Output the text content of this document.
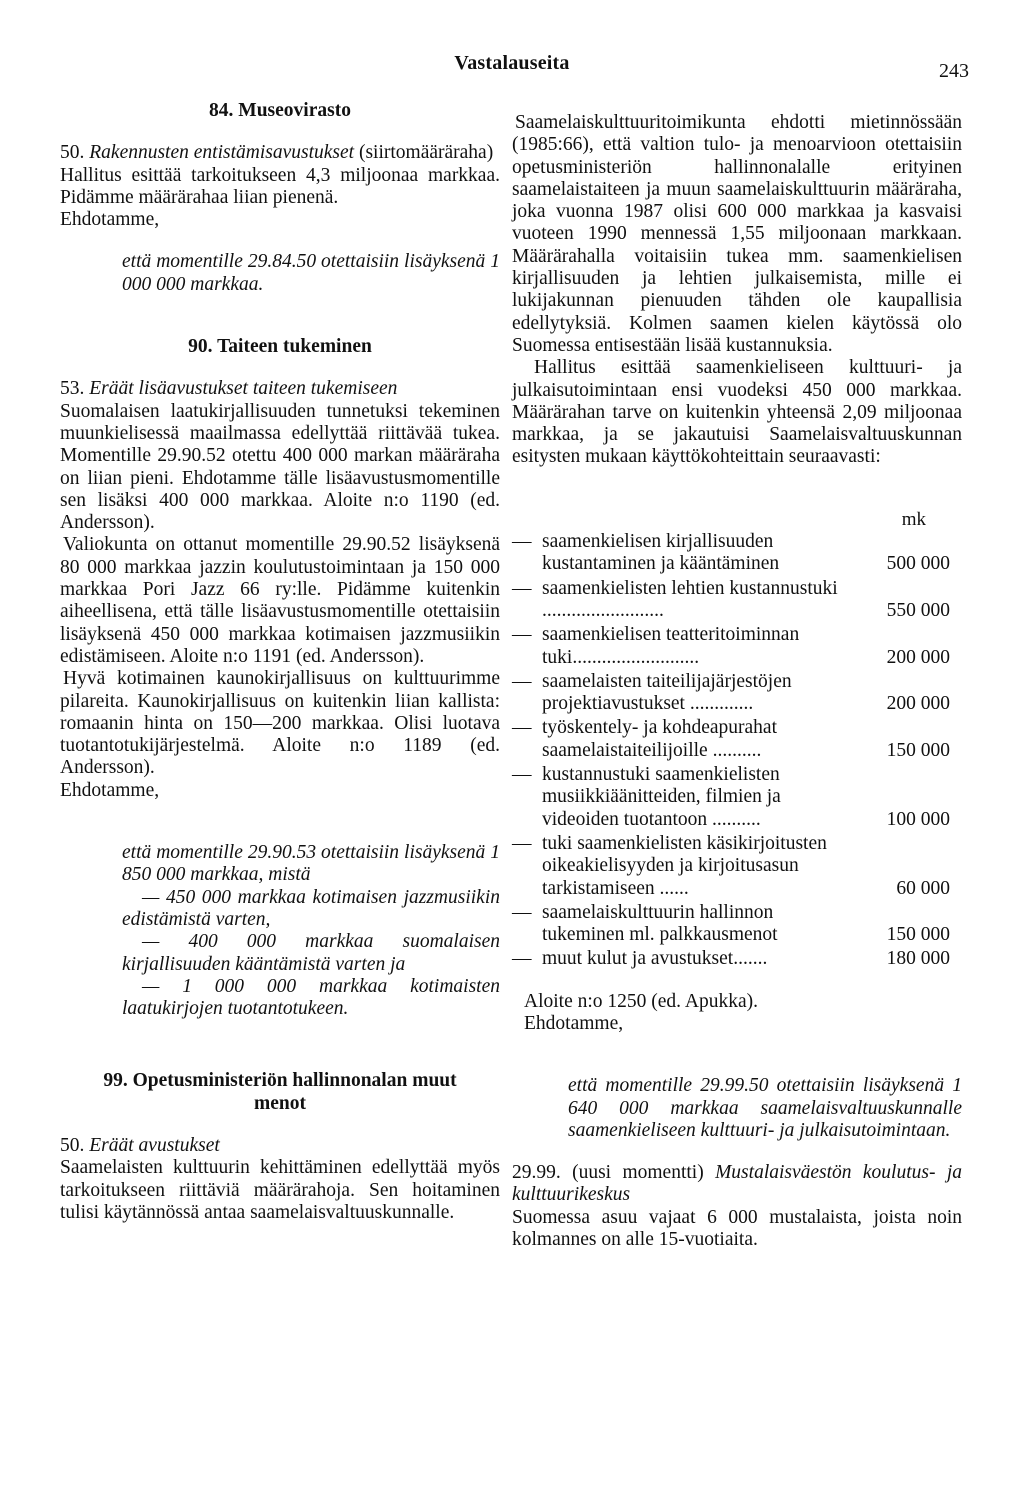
Vastalauseita	243
84. Museovirasto

50. Rakennusten entistämisavustukset (siirtomääräraha)

Hallitus esittää tarkoitukseen 4,3 miljoonaa markkaa. Pidämme määrärahaa liian pienenä.

Ehdotamme,

että momentille 29.84.50 otettaisiin lisäyksenä 1 000 000 markkaa.

90. Taiteen tukeminen

53. Eräät lisäavustukset taiteen tukemiseen

Suomalaisen laatukirjallisuuden tunnetuksi tekeminen muunkielisessä maailmassa edellyttää riittävää tukea. Momentille 29.90.52 otettu 400 000 markan määräraha on liian pieni. Ehdotamme tälle lisäavustusmomentille sen lisäksi 400 000 markkaa. Aloite n:o 1190 (ed. Andersson).

Valiokunta on ottanut momentille 29.90.52 lisäyksenä 80 000 markkaa jazzin koulutustoimintaan ja 150 000 markkaa Pori Jazz 66 ry:lle. Pidämme kuitenkin aiheellisena, että tälle lisäavustusmomentille otettaisiin lisäyksenä 450 000 markkaa kotimaisen jazzmusiikin edistämiseen. Aloite n:o 1191 (ed. Andersson).

Hyvä kotimainen kaunokirjallisuus on kulttuurimme pilareita. Kaunokirjallisuus on kuitenkin liian kallista: romaanin hinta on 150—200 markkaa. Olisi luotava tuotantotukijärjestelmä. Aloite n:o 1189 (ed. Andersson).

Ehdotamme,

että momentille 29.90.53 otettaisiin lisäyksenä 1 850 000 markkaa, mistä

— 450 000 markkaa kotimaisen jazzmusiikin edistämistä varten,

— 400 000 markkaa suomalaisen kirjallisuuden kääntämistä varten ja

— 1 000 000 markkaa kotimaisten laatukirjojen tuotantotukeen.

99. Opetusministeriön hallinnonalan muut menot

50. Eräät avustukset

Saamelaisten kulttuurin kehittäminen edellyttää myös tarkoitukseen riittäviä määrärahoja. Sen hoitaminen tulisi käytännössä antaa saamelaisvaltuuskunnalle.

Saamelaiskulttuuritoimikunta ehdotti mietinnössään (1985:66), että valtion tulo- ja menoarvioon otettaisiin opetusministeriön hallinnonalalle erityinen saamelaistaiteen ja muun saamelaiskulttuurin määräraha, joka vuonna 1987 olisi 600 000 markkaa ja kasvaisi vuoteen 1990 mennessä 1,55 miljoonaan markkaan. Määrärahalla voitaisiin tukea mm. saamenkielisen kirjallisuuden ja lehtien julkaisemista, mille ei lukijakunnan pienuuden tähden ole kaupallisia edellytyksiä. Kolmen saamen kielen käytössä olo Suomessa entisestään lisää kustannuksia.

Hallitus esittää saamenkieliseen kulttuuri- ja julkaisutoimintaan ensi vuodeksi 450 000 markkaa. Määrärahan tarve on kuitenkin yhteensä 2,09 miljoonaa markkaa, ja se jakautuisi Saamelaisvaltuuskunnan esitysten mukaan käyttökohteittain seuraavasti:

mk
— saamenkielisen kirjallisuuden kustantaminen ja kääntäminen	500 000
— saamenkielisten lehtien kustannustuki .........................	550 000
— saamenkielisen teatteritoiminnan tuki..........................	200 000
— saamelaisten taiteilijajärjestöjen projektiavustukset .............	200 000
— työskentely- ja kohdeapurahat saamelaistaiteilijoille ..........	150 000
— kustannustuki saamenkielisten musiikkiäänitteiden, filmien ja videoiden tuotantoon ..........	100 000
— tuki saamenkielisten käsikirjoitusten oikeakielisyyden ja kirjoitusasun tarkistamiseen ......	60 000
— saamelaiskulttuurin hallinnon tukeminen ml. palkkausmenot	150 000
— muut kulut ja avustukset.......	180 000

Aloite n:o 1250 (ed. Apukka).

Ehdotamme,

että momentille 29.99.50 otettaisiin lisäyksenä 1 640 000 markkaa saamelaisvaltuuskunnalle saamenkieliseen kulttuuri- ja julkaisutoimintaan.

29.99. (uusi momentti) Mustalaisväestön koulutus- ja kulttuurikeskus

Suomessa asuu vajaat 6 000 mustalaista, joista noin kolmannes on alle 15-vuotiaita.
